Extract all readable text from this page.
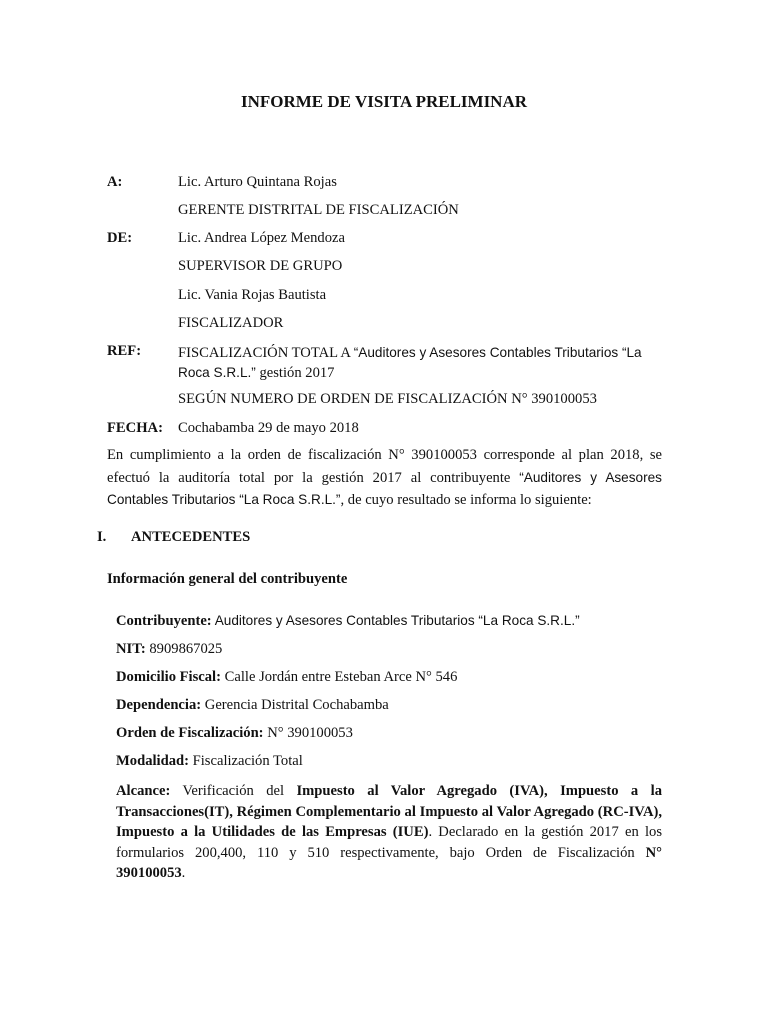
INFORME DE VISITA PRELIMINAR
A:	Lic. Arturo Quintana Rojas
GERENTE DISTRITAL DE FISCALIZACIÓN
DE:	Lic. Andrea López Mendoza
SUPERVISOR DE GRUPO
Lic. Vania Rojas Bautista
FISCALIZADOR
REF:	FISCALIZACIÓN TOTAL A “Auditores y Asesores Contables Tributarios “La Roca S.R.L.” gestión 2017
SEGÚN NUMERO DE ORDEN DE FISCALIZACIÓN N° 390100053
FECHA: Cochabamba 29 de mayo 2018
En cumplimiento a la orden de fiscalización N° 390100053 corresponde al plan 2018, se efectuó la auditoría total por la gestión 2017 al contribuyente “Auditores y Asesores Contables Tributarios “La Roca S.R.L.”, de cuyo resultado se informa lo siguiente:
I. ANTECEDENTES
Información general del contribuyente
Contribuyente: Auditores y Asesores Contables Tributarios “La Roca S.R.L.”
NIT: 8909867025
Domicilio Fiscal: Calle Jordán entre Esteban Arce N° 546
Dependencia: Gerencia Distrital Cochabamba
Orden de Fiscalización: N° 390100053
Modalidad: Fiscalización Total
Alcance: Verificación del Impuesto al Valor Agregado (IVA), Impuesto a la Transacciones(IT), Régimen Complementario al Impuesto al Valor Agregado (RC-IVA), Impuesto a la Utilidades de las Empresas (IUE). Declarado en la gestión 2017 en los formularios 200,400, 110 y 510 respectivamente, bajo Orden de Fiscalización N° 390100053.
